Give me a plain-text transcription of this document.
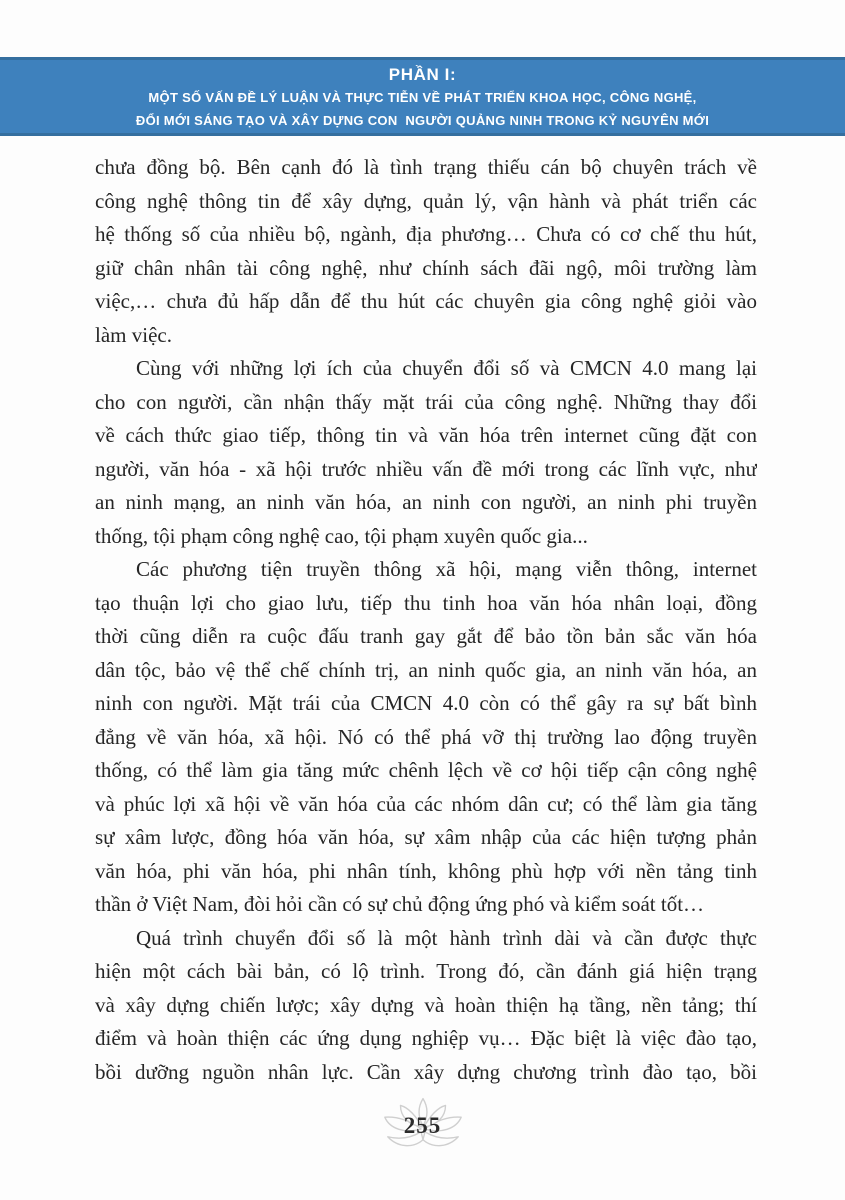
PHẦN I:
MỘT SỐ VẤN ĐỀ LÝ LUẬN VÀ THỰC TIỄN VỀ PHÁT TRIỂN KHOA HỌC, CÔNG NGHỆ,
ĐỔI MỚI SÁNG TẠO VÀ XÂY DỰNG CON  NGƯỜI QUẢNG NINH TRONG KỶ NGUYÊN MỚI
chưa đồng bộ. Bên cạnh đó là tình trạng thiếu cán bộ chuyên trách về
công nghệ thông tin để xây dựng, quản lý, vận hành và phát triển các
hệ thống số của nhiều bộ, ngành, địa phương… Chưa có cơ chế thu hút,
giữ chân nhân tài công nghệ, như chính sách đãi ngộ, môi trường làm
việc,… chưa đủ hấp dẫn để thu hút các chuyên gia công nghệ giỏi vào
làm việc.
Cùng với những lợi ích của chuyển đổi số và CMCN 4.0 mang lại
cho con người, cần nhận thấy mặt trái của công nghệ. Những thay đổi
về cách thức giao tiếp, thông tin và văn hóa trên internet cũng đặt con
người, văn hóa - xã hội trước nhiều vấn đề mới trong các lĩnh vực, như
an ninh mạng, an ninh văn hóa, an ninh con người, an ninh phi truyền
thống, tội phạm công nghệ cao, tội phạm xuyên quốc gia...
Các phương tiện truyền thông xã hội, mạng viễn thông, internet
tạo thuận lợi cho giao lưu, tiếp thu tinh hoa văn hóa nhân loại, đồng
thời cũng diễn ra cuộc đấu tranh gay gắt để bảo tồn bản sắc văn hóa
dân tộc, bảo vệ thể chế chính trị, an ninh quốc gia, an ninh văn hóa, an
ninh con người. Mặt trái của CMCN 4.0 còn có thể gây ra sự bất bình
đẳng về văn hóa, xã hội. Nó có thể phá vỡ thị trường lao động truyền
thống, có thể làm gia tăng mức chênh lệch về cơ hội tiếp cận công nghệ
và phúc lợi xã hội về văn hóa của các nhóm dân cư; có thể làm gia tăng
sự xâm lược, đồng hóa văn hóa, sự xâm nhập của các hiện tượng phản
văn hóa, phi văn hóa, phi nhân tính, không phù hợp với nền tảng tinh
thần ở Việt Nam, đòi hỏi cần có sự chủ động ứng phó và kiểm soát tốt…
Quá trình chuyển đổi số là một hành trình dài và cần được thực
hiện một cách bài bản, có lộ trình. Trong đó, cần đánh giá hiện trạng
và xây dựng chiến lược; xây dựng và hoàn thiện hạ tầng, nền tảng; thí
điểm và hoàn thiện các ứng dụng nghiệp vụ… Đặc biệt là việc đào tạo,
bồi dưỡng nguồn nhân lực. Cần xây dựng chương trình đào tạo, bồi
255
